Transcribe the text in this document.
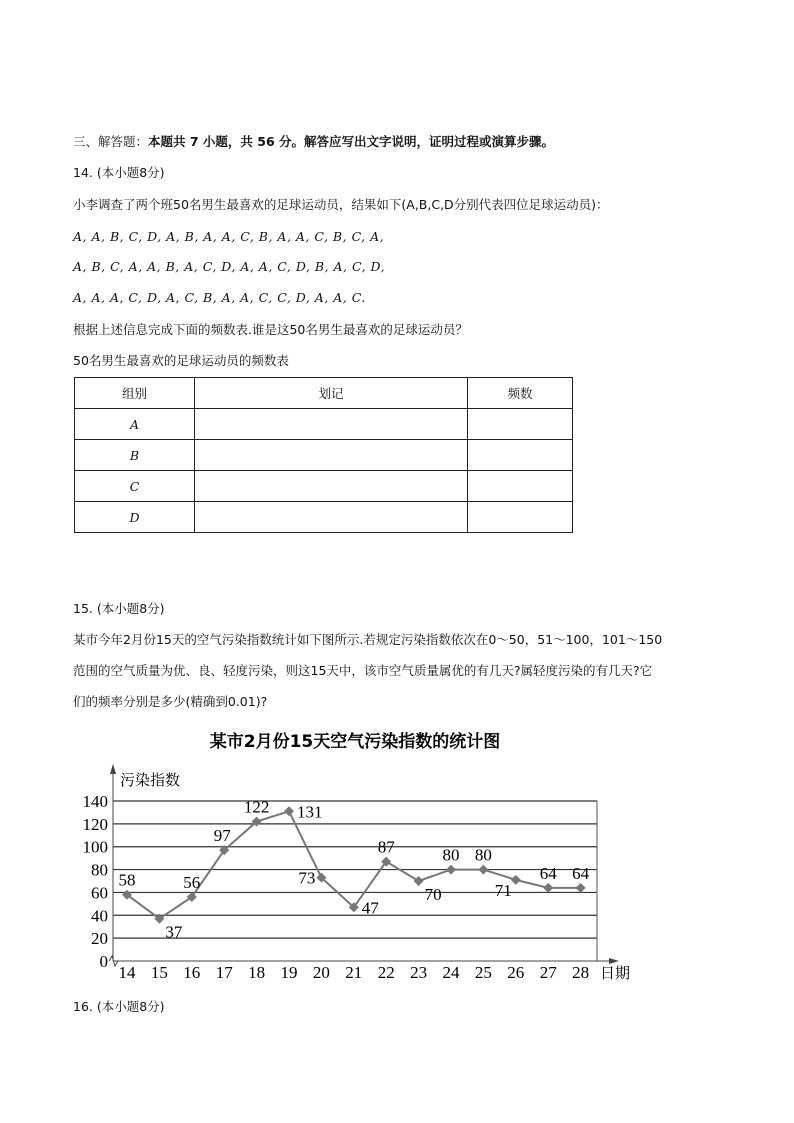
三、解答题：本题共 7 小题，共 56 分。解答应写出文字说明，证明过程或演算步骤。
14. (本小题8分)
小李调查了两个班50名男生最喜欢的足球运动员，结果如下(A,B,C,D分别代表四位足球运动员)：
A, A, B, C, D, A, B, A, A, C, B, A, A, C, B, C, A,
A, B, C, A, A, B, A, C, D, A, A, C, D, B, A, C, D,
A, A, A, C, D, A, C, B, A, A, C, C, D, A, A, C.
根据上述信息完成下面的频数表.谁是这50名男生最喜欢的足球运动员？
50名男生最喜欢的足球运动员的频数表
组别	划记	频数
A		
B		
C		
D		
15. (本小题8分)
某市今年2月份15天的空气污染指数统计如下图所示.若规定污染指数依次在0～50，51～100，101～150
范围的空气质量为优、良、轻度污染，则这15天中，该市空气质量属优的有几天?属轻度污染的有几天?它
们的频率分别是多少(精确到0.01)?
某市2月份15天空气污染指数的统计图
污染指数
日期
0
20
40
60
80
100
120
140
14 15 16 17 18 19 20 21 22 23 24 25 26 27 28
58
37
56
97
122 131
73
47
87
70
80 80
71
64 64
16. (本小题8分)
